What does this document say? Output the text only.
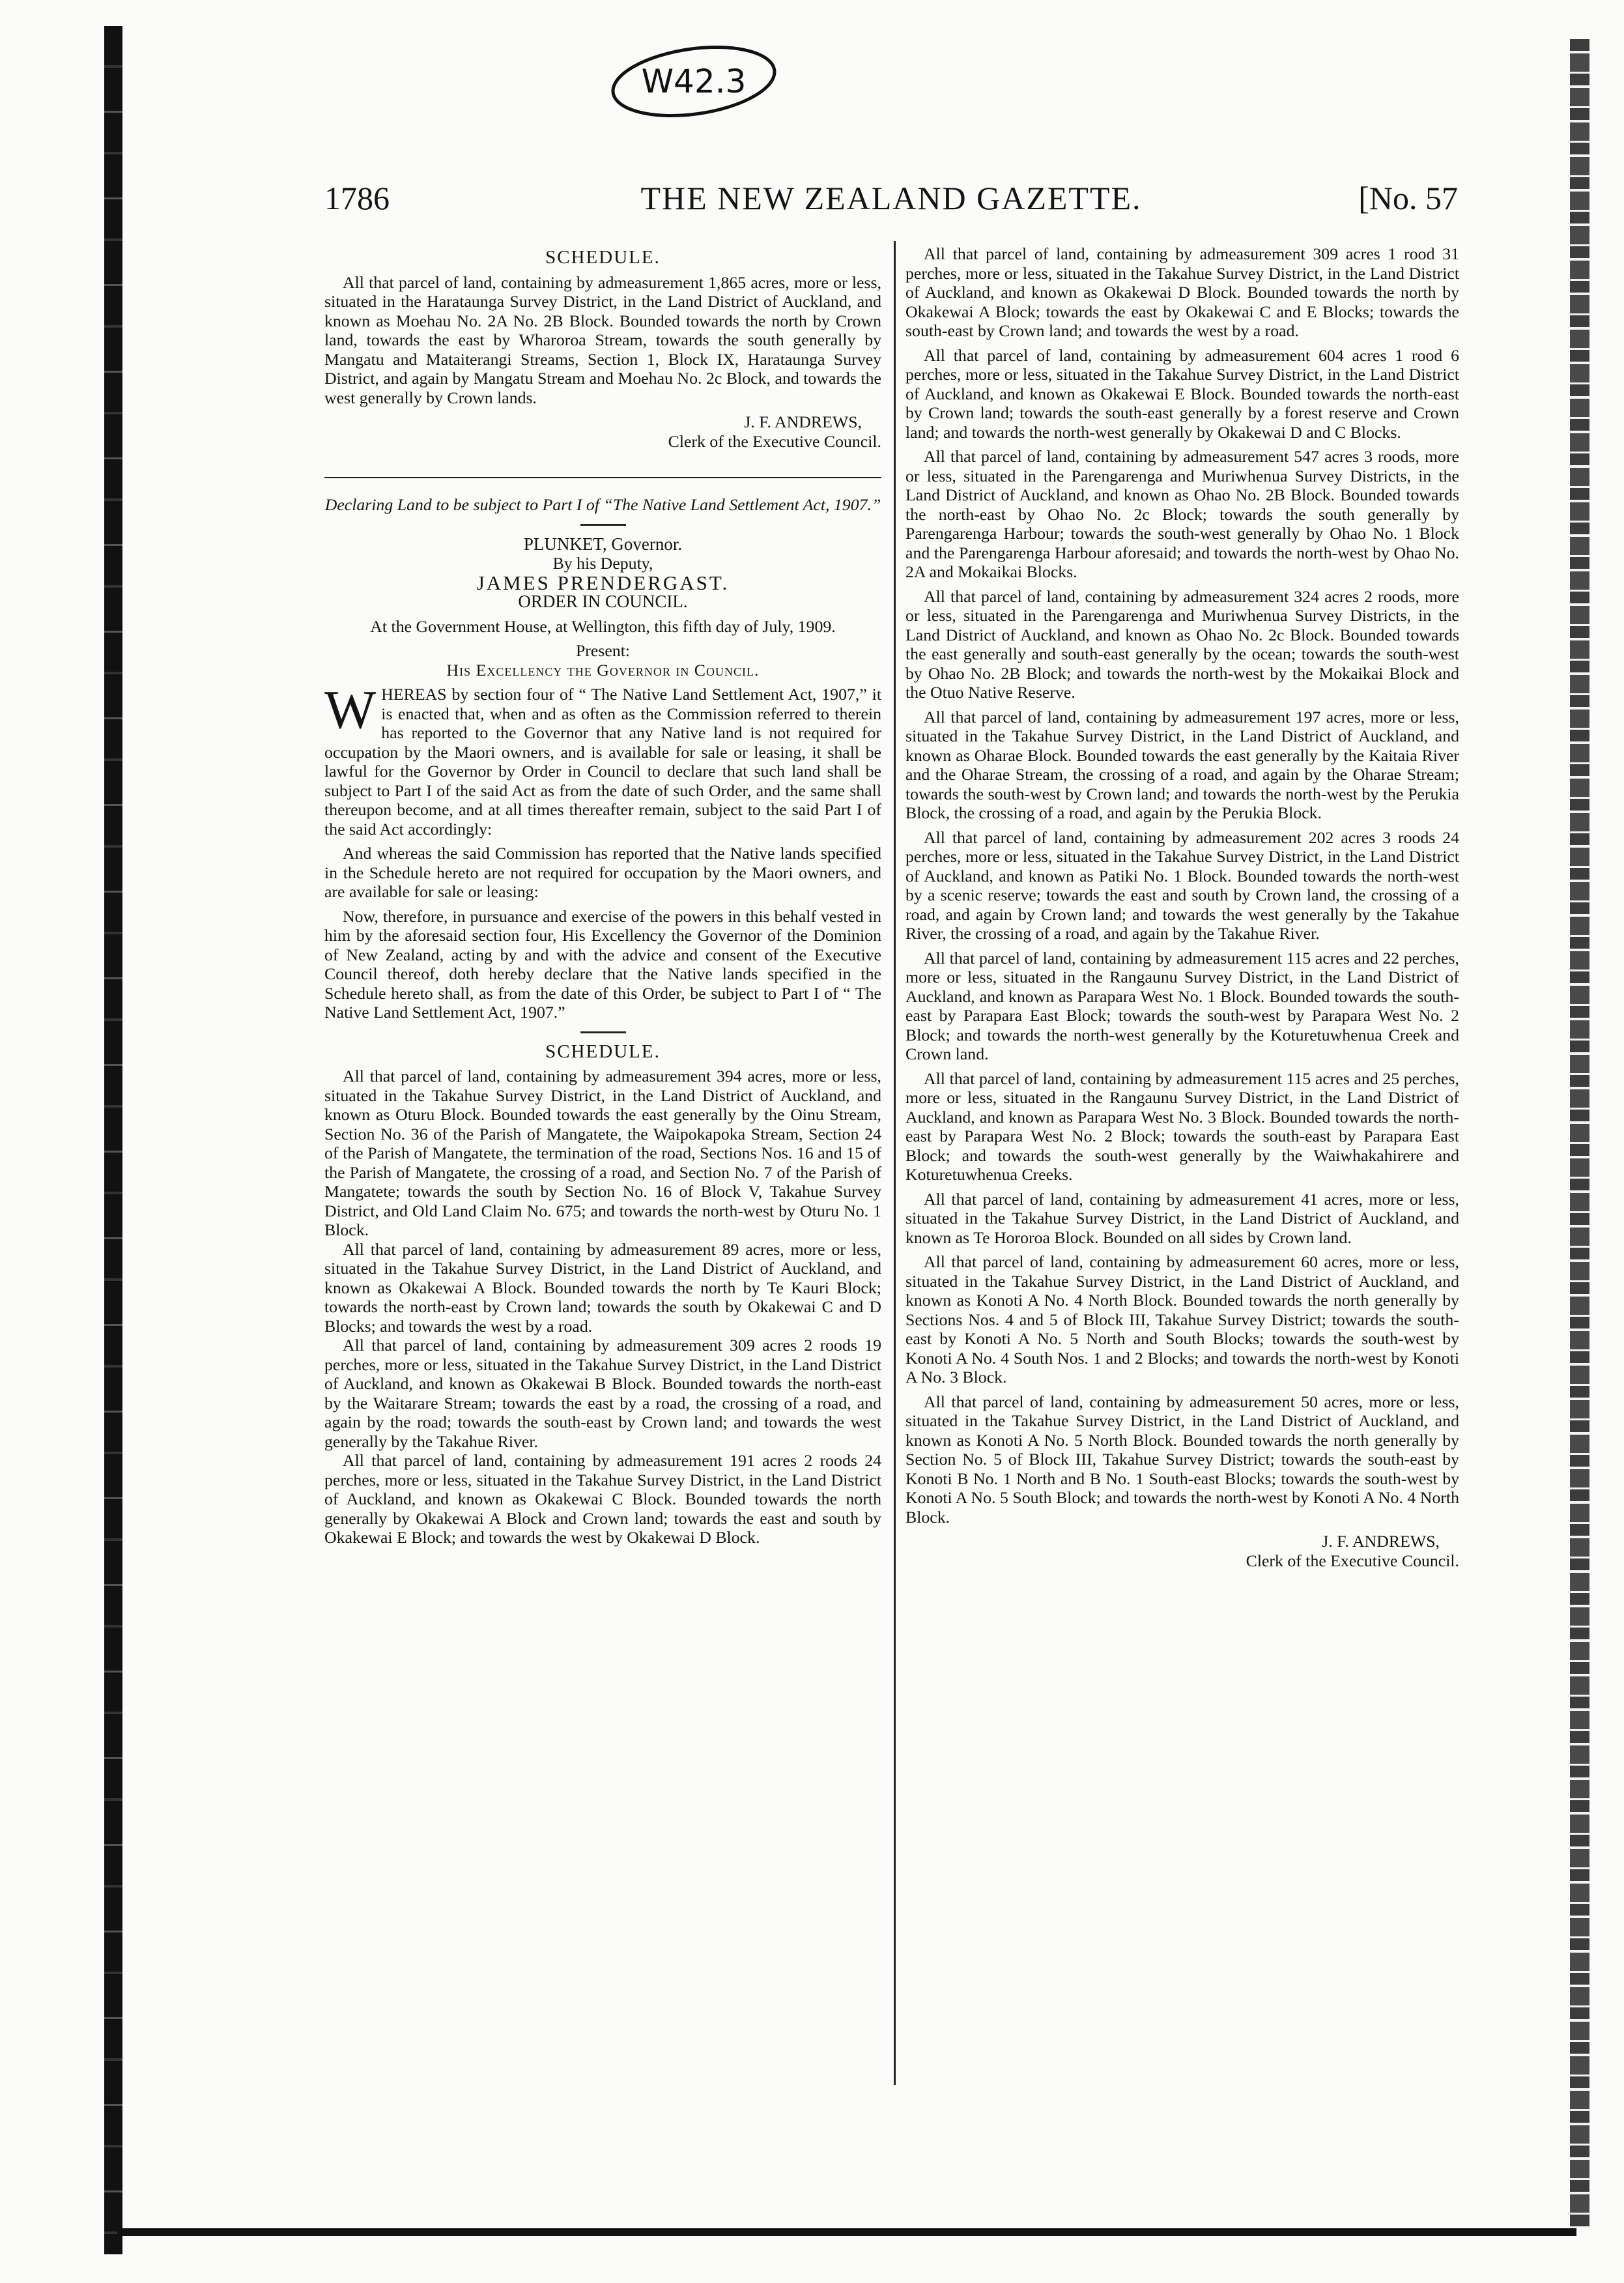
W42.3
1786	THE NEW ZEALAND GAZETTE.	[No. 57
SCHEDULE.

All that parcel of land, containing by admeasurement 1,865 acres, more or less, situated in the Harataunga Survey District, in the Land District of Auckland, and known as Moehau No. 2A No. 2B Block. Bounded towards the north by Crown land, towards the east by Wharoroa Stream, towards the south generally by Mangatu and Mataiterangi Streams, Section 1, Block IX, Harataunga Survey District, and again by Mangatu Stream and Moehau No. 2c Block, and towards the west generally by Crown lands.

J. F. ANDREWS,

Clerk of the Executive Council.

Declaring Land to be subject to Part I of “The Native Land Settlement Act, 1907.”

PLUNKET, Governor.

By his Deputy,

JAMES PRENDERGAST.

ORDER IN COUNCIL.

At the Government House, at Wellington, this fifth day of July, 1909.

Present:

His Excellency the Governor in Council.

WHEREAS by section four of “ The Native Land Settlement Act, 1907,” it is enacted that, when and as often as the Commission referred to therein has reported to the Governor that any Native land is not required for occupation by the Maori owners, and is available for sale or leasing, it shall be lawful for the Governor by Order in Council to declare that such land shall be subject to Part I of the said Act as from the date of such Order, and the same shall thereupon become, and at all times thereafter remain, subject to the said Part I of the said Act accordingly:

And whereas the said Commission has reported that the Native lands specified in the Schedule hereto are not required for occupation by the Maori owners, and are available for sale or leasing:

Now, therefore, in pursuance and exercise of the powers in this behalf vested in him by the aforesaid section four, His Excellency the Governor of the Dominion of New Zealand, acting by and with the advice and consent of the Executive Council thereof, doth hereby declare that the Native lands specified in the Schedule hereto shall, as from the date of this Order, be subject to Part I of “ The Native Land Settlement Act, 1907.”

SCHEDULE.

All that parcel of land, containing by admeasurement 394 acres, more or less, situated in the Takahue Survey District, in the Land District of Auckland, and known as Oturu Block. Bounded towards the east generally by the Oinu Stream, Section No. 36 of the Parish of Mangatete, the Waipokapoka Stream, Section 24 of the Parish of Mangatete, the termination of the road, Sections Nos. 16 and 15 of the Parish of Mangatete, the crossing of a road, and Section No. 7 of the Parish of Mangatete; towards the south by Section No. 16 of Block V, Takahue Survey District, and Old Land Claim No. 675; and towards the north-west by Oturu No. 1 Block.

All that parcel of land, containing by admeasurement 89 acres, more or less, situated in the Takahue Survey District, in the Land District of Auckland, and known as Okakewai A Block. Bounded towards the north by Te Kauri Block; towards the north-east by Crown land; towards the south by Okakewai C and D Blocks; and towards the west by a road.

All that parcel of land, containing by admeasurement 309 acres 2 roods 19 perches, more or less, situated in the Takahue Survey District, in the Land District of Auckland, and known as Okakewai B Block. Bounded towards the north-east by the Waitarare Stream; towards the east by a road, the crossing of a road, and again by the road; towards the south-east by Crown land; and towards the west generally by the Takahue River.

All that parcel of land, containing by admeasurement 191 acres 2 roods 24 perches, more or less, situated in the Takahue Survey District, in the Land District of Auckland, and known as Okakewai C Block. Bounded towards the north generally by Okakewai A Block and Crown land; towards the east and south by Okakewai E Block; and towards the west by Okakewai D Block.

All that parcel of land, containing by admeasurement 309 acres 1 rood 31 perches, more or less, situated in the Takahue Survey District, in the Land District of Auckland, and known as Okakewai D Block. Bounded towards the north by Okakewai A Block; towards the east by Okakewai C and E Blocks; towards the south-east by Crown land; and towards the west by a road.

All that parcel of land, containing by admeasurement 604 acres 1 rood 6 perches, more or less, situated in the Takahue Survey District, in the Land District of Auckland, and known as Okakewai E Block. Bounded towards the north-east by Crown land; towards the south-east generally by a forest reserve and Crown land; and towards the north-west generally by Okakewai D and C Blocks.

All that parcel of land, containing by admeasurement 547 acres 3 roods, more or less, situated in the Parengarenga and Muriwhenua Survey Districts, in the Land District of Auckland, and known as Ohao No. 2B Block. Bounded towards the north-east by Ohao No. 2c Block; towards the south generally by Parengarenga Harbour; towards the south-west generally by Ohao No. 1 Block and the Parengarenga Harbour aforesaid; and towards the north-west by Ohao No. 2A and Mokaikai Blocks.

All that parcel of land, containing by admeasurement 324 acres 2 roods, more or less, situated in the Parengarenga and Muriwhenua Survey Districts, in the Land District of Auckland, and known as Ohao No. 2c Block. Bounded towards the east generally and south-east generally by the ocean; towards the south-west by Ohao No. 2B Block; and towards the north-west by the Mokaikai Block and the Otuo Native Reserve.

All that parcel of land, containing by admeasurement 197 acres, more or less, situated in the Takahue Survey District, in the Land District of Auckland, and known as Oharae Block. Bounded towards the east generally by the Kaitaia River and the Oharae Stream, the crossing of a road, and again by the Oharae Stream; towards the south-west by Crown land; and towards the north-west by the Perukia Block, the crossing of a road, and again by the Perukia Block.

All that parcel of land, containing by admeasurement 202 acres 3 roods 24 perches, more or less, situated in the Takahue Survey District, in the Land District of Auckland, and known as Patiki No. 1 Block. Bounded towards the north-west by a scenic reserve; towards the east and south by Crown land, the crossing of a road, and again by Crown land; and towards the west generally by the Takahue River, the crossing of a road, and again by the Takahue River.

All that parcel of land, containing by admeasurement 115 acres and 22 perches, more or less, situated in the Rangaunu Survey District, in the Land District of Auckland, and known as Parapara West No. 1 Block. Bounded towards the south-east by Parapara East Block; towards the south-west by Parapara West No. 2 Block; and towards the north-west generally by the Koturetuwhenua Creek and Crown land.

All that parcel of land, containing by admeasurement 115 acres and 25 perches, more or less, situated in the Rangaunu Survey District, in the Land District of Auckland, and known as Parapara West No. 3 Block. Bounded towards the north-east by Parapara West No. 2 Block; towards the south-east by Parapara East Block; and towards the south-west generally by the Waiwhakahirere and Koturetuwhenua Creeks.

All that parcel of land, containing by admeasurement 41 acres, more or less, situated in the Takahue Survey District, in the Land District of Auckland, and known as Te Hororoa Block. Bounded on all sides by Crown land.

All that parcel of land, containing by admeasurement 60 acres, more or less, situated in the Takahue Survey District, in the Land District of Auckland, and known as Konoti A No. 4 North Block. Bounded towards the north generally by Sections Nos. 4 and 5 of Block III, Takahue Survey District; towards the south-east by Konoti A No. 5 North and South Blocks; towards the south-west by Konoti A No. 4 South Nos. 1 and 2 Blocks; and towards the north-west by Konoti A No. 3 Block.

All that parcel of land, containing by admeasurement 50 acres, more or less, situated in the Takahue Survey District, in the Land District of Auckland, and known as Konoti A No. 5 North Block. Bounded towards the north generally by Section No. 5 of Block III, Takahue Survey District; towards the south-east by Konoti B No. 1 North and B No. 1 South-east Blocks; towards the south-west by Konoti A No. 5 South Block; and towards the north-west by Konoti A No. 4 North Block.

J. F. ANDREWS,

Clerk of the Executive Council.
